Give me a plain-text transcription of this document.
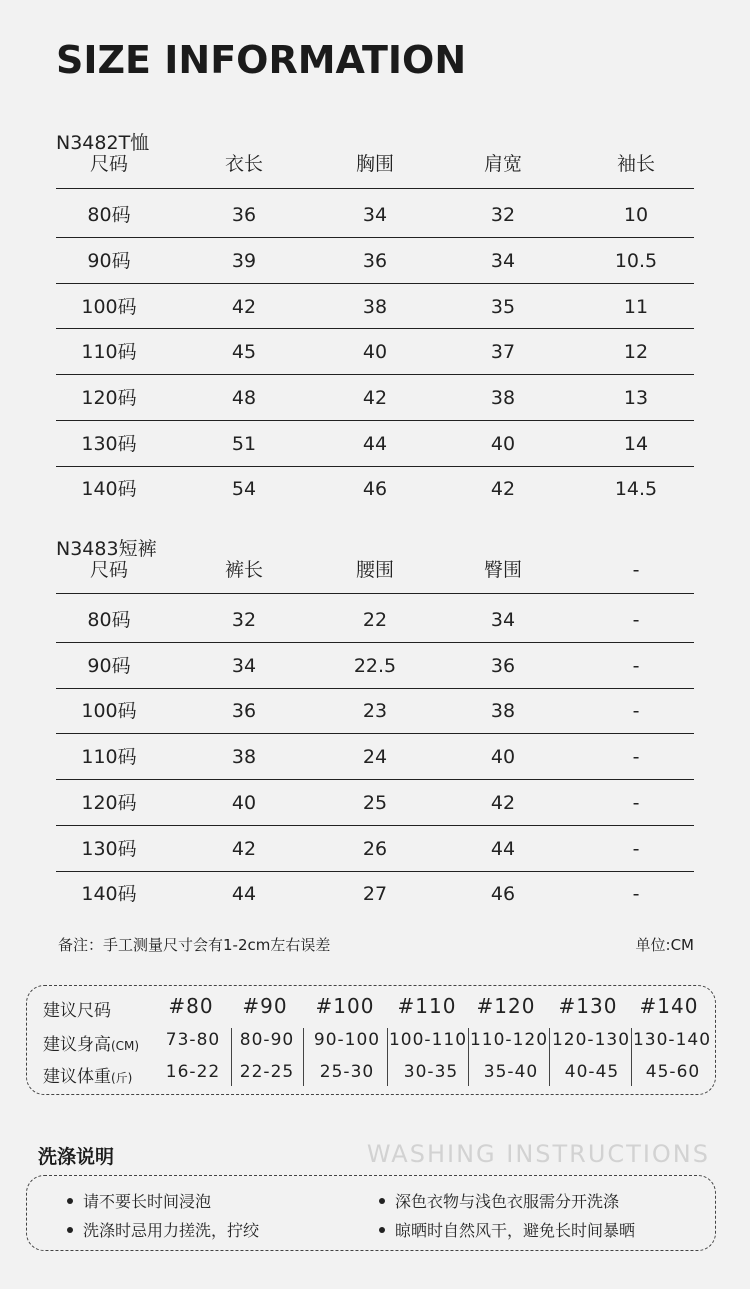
SIZE INFORMATION
N3482T恤
尺码	衣长	胸围	肩宽	袖长
80码	36	34	32	10
90码	39	36	34	10.5
100码	42	38	35	11
110码	45	40	37	12
120码	48	42	38	13
130码	51	44	40	14
140码	54	46	42	14.5
N3483短裤
尺码	裤长	腰围	臀围	-
80码	32	22	34	-
90码	34	22.5	36	-
100码	36	23	38	-
110码	38	24	40	-
120码	40	25	42	-
130码	42	26	44	-
140码	44	27	46	-
备注：手工测量尺寸会有1-2cm左右误差	单位:CM
建议尺码	#80 #90 #100 #110 #120 #130 #140
建议身高(CM) 73-80 80-90 90-100 100-110 110-120 120-130 130-140
建议体重(斤) 16-22 22-25 25-30 30-35 35-40 40-45 45-60
洗涤说明	WASHING INSTRUCTIONS
请不要长时间浸泡	深色衣物与浅色衣服需分开洗涤
洗涤时忌用力搓洗，拧绞	晾晒时自然风干，避免长时间暴晒
